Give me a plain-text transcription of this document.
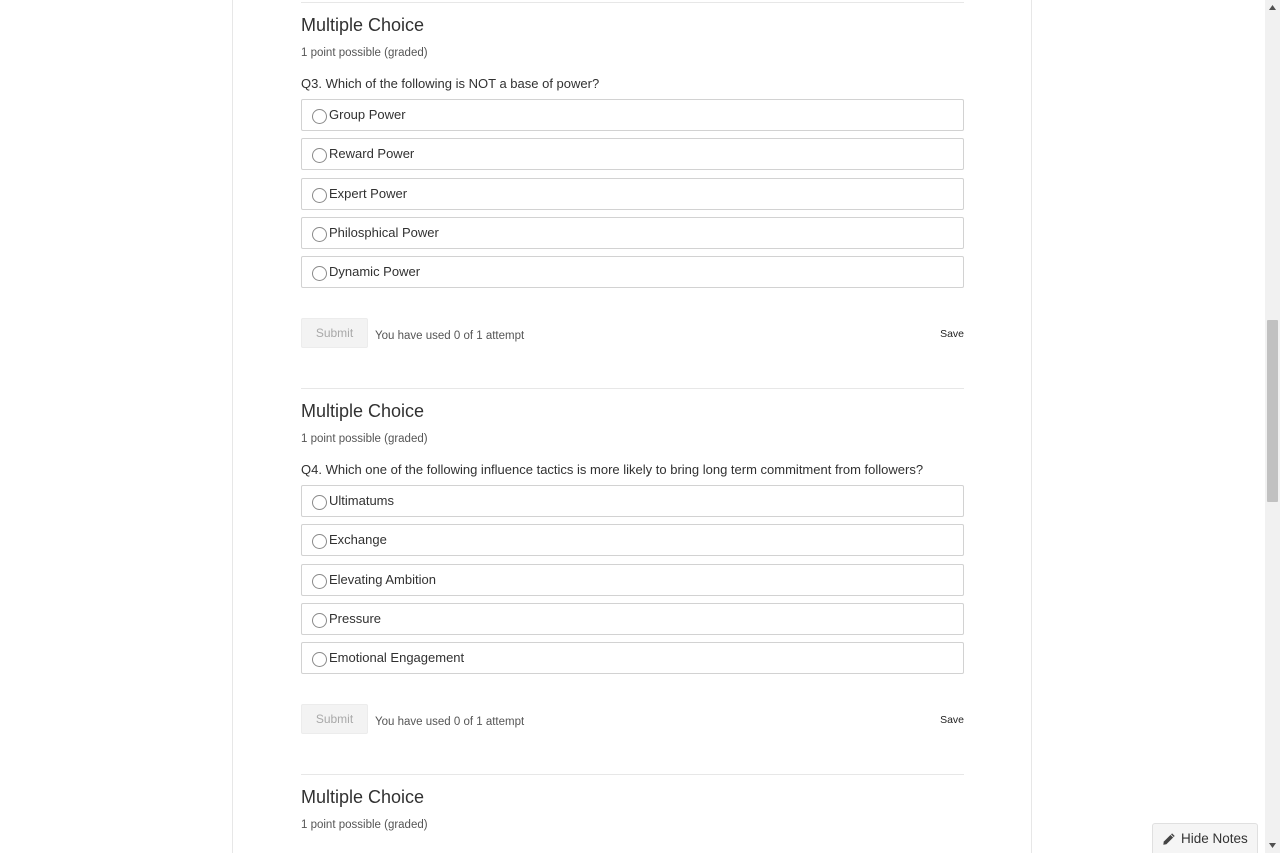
Multiple Choice
1 point possible (graded)
Q3. Which of the following is NOT a base of power?
Group Power
Reward Power
Expert Power
Philosphical Power
Dynamic Power
Submit	You have used 0 of 1 attempt	Save
Multiple Choice
1 point possible (graded)
Q4. Which one of the following influence tactics is more likely to bring long term commitment from followers?
Ultimatums
Exchange
Elevating Ambition
Pressure
Emotional Engagement
Submit	You have used 0 of 1 attempt	Save
Multiple Choice
1 point possible (graded)
Hide Notes
